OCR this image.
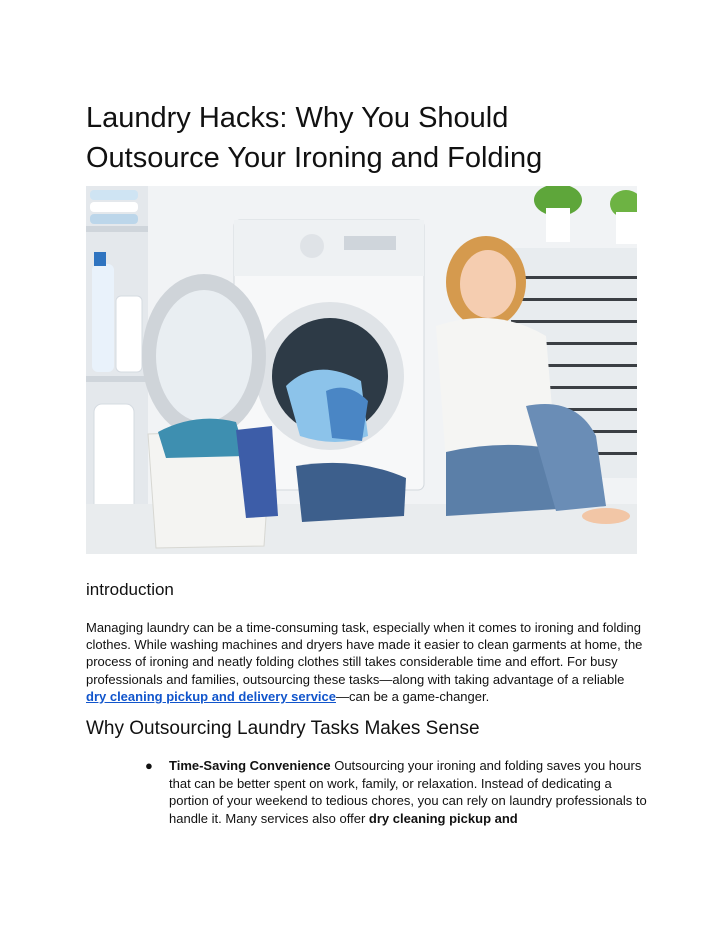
Laundry Hacks: Why You Should Outsource Your Ironing and Folding
introduction

Managing laundry can be a time-consuming task, especially when it comes to ironing and folding clothes. While washing machines and dryers have made it easier to clean garments at home, the process of ironing and neatly folding clothes still takes considerable time and effort. For busy professionals and families, outsourcing these tasks—along with taking advantage of a reliable dry cleaning pickup and delivery service—can be a game-changer.

Why Outsourcing Laundry Tasks Makes Sense
● Time-Saving Convenience Outsourcing your ironing and folding saves you hours that can be better spent on work, family, or relaxation. Instead of dedicating a portion of your weekend to tedious chores, you can rely on laundry professionals to handle it. Many services also offer dry cleaning pickup and
